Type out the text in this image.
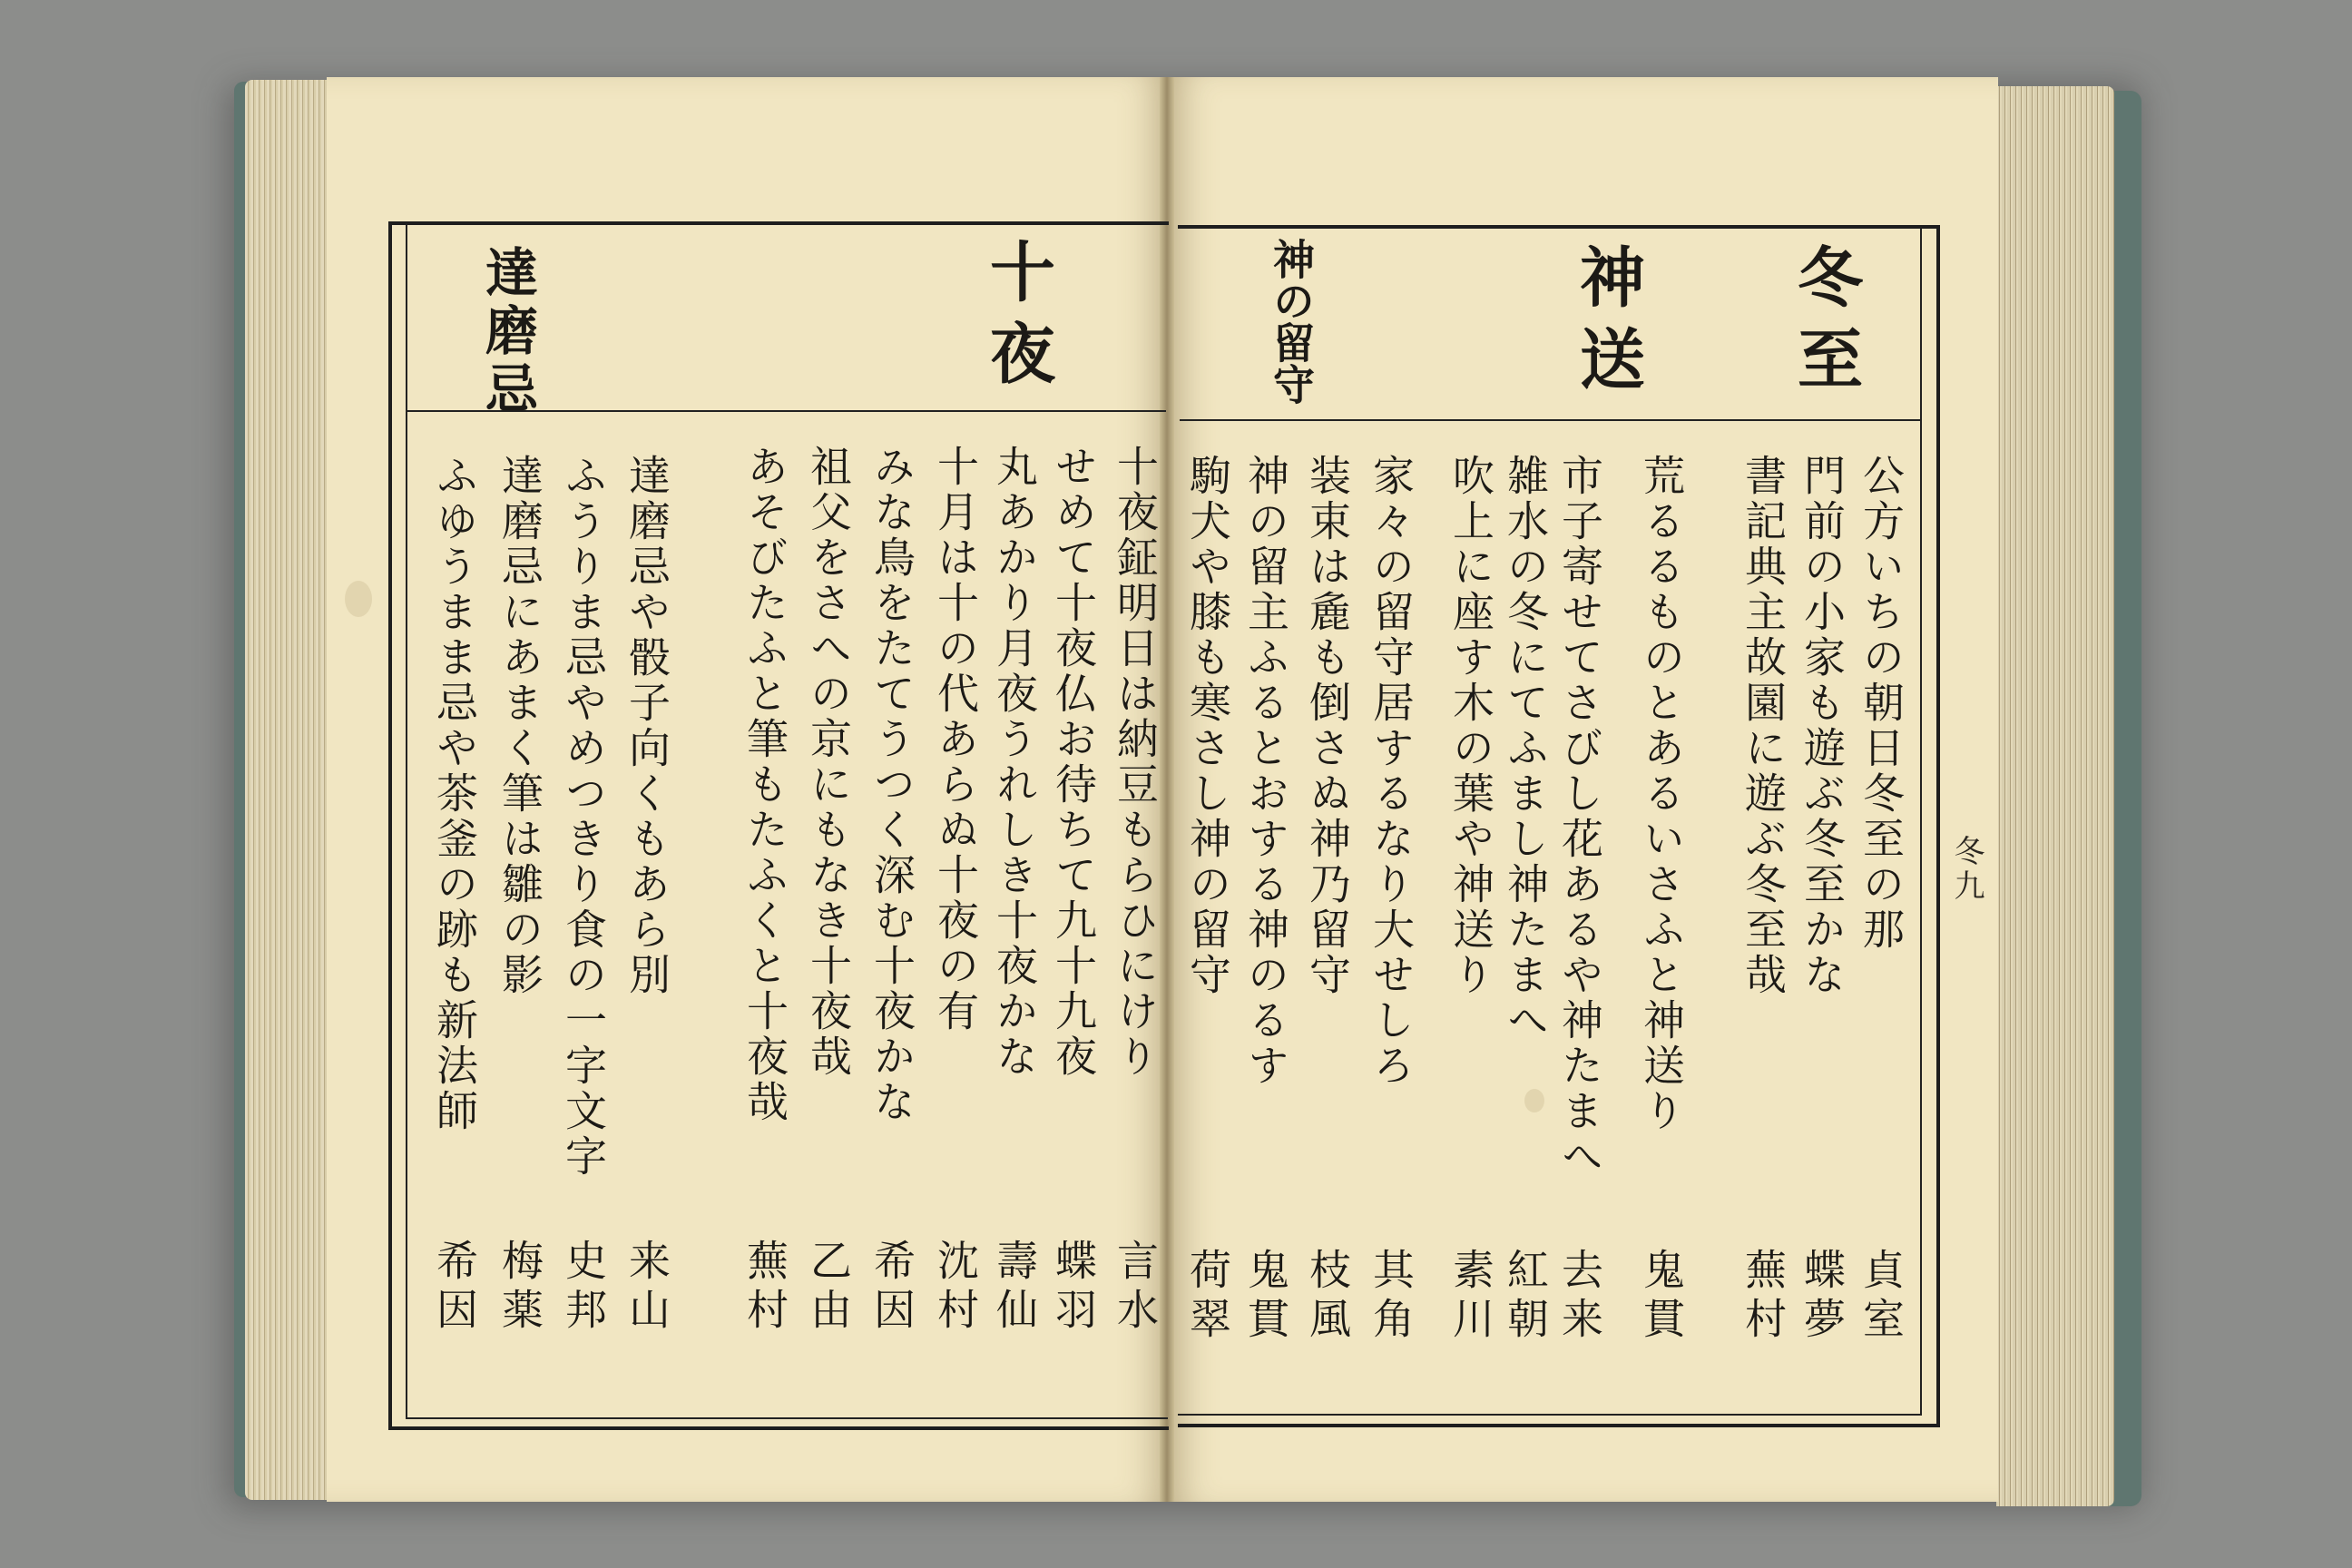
冬九
冬至
神送
神の留守
公方いちの朝日冬至の那
門前の小家も遊ぶ冬至かな
書記典主故園に遊ぶ冬至哉
荒るるものとあるいさふと神送り
市子寄せてさびし花あるや神たまへ
雑水の冬にてふまし神たまへ
吹上に座す木の葉や神送り
家々の留守居するなり大せしろ
装束は麁も倒さぬ神乃留守
神の留主ふるとおする神のるす
駒犬や膝も寒さし神の留守
貞室
蝶夢
蕪村
鬼貫
去来
紅朝
素川
其角
枝風
鬼貫
荷翠
十夜
達磨忌
十夜鉦明日は納豆もらひにけり
せめて十夜仏お待ちて九十九夜
丸あかり月夜うれしき十夜かな
十月は十の代あらぬ十夜の有
みな鳥をたてうつく深む十夜かな
祖父をさへの京にもなき十夜哉
あそびたふと筆もたふくと十夜哉
達磨忌や骰子向くもあら別
ふうりま忌やめつきり食の一字文字
達磨忌にあまく筆は雛の影
ふゆうまま忌や茶釜の跡も新法師
言水
蝶羽
壽仙
沈村
希因
乙由
蕪村
来山
史邦
梅薬
希因
